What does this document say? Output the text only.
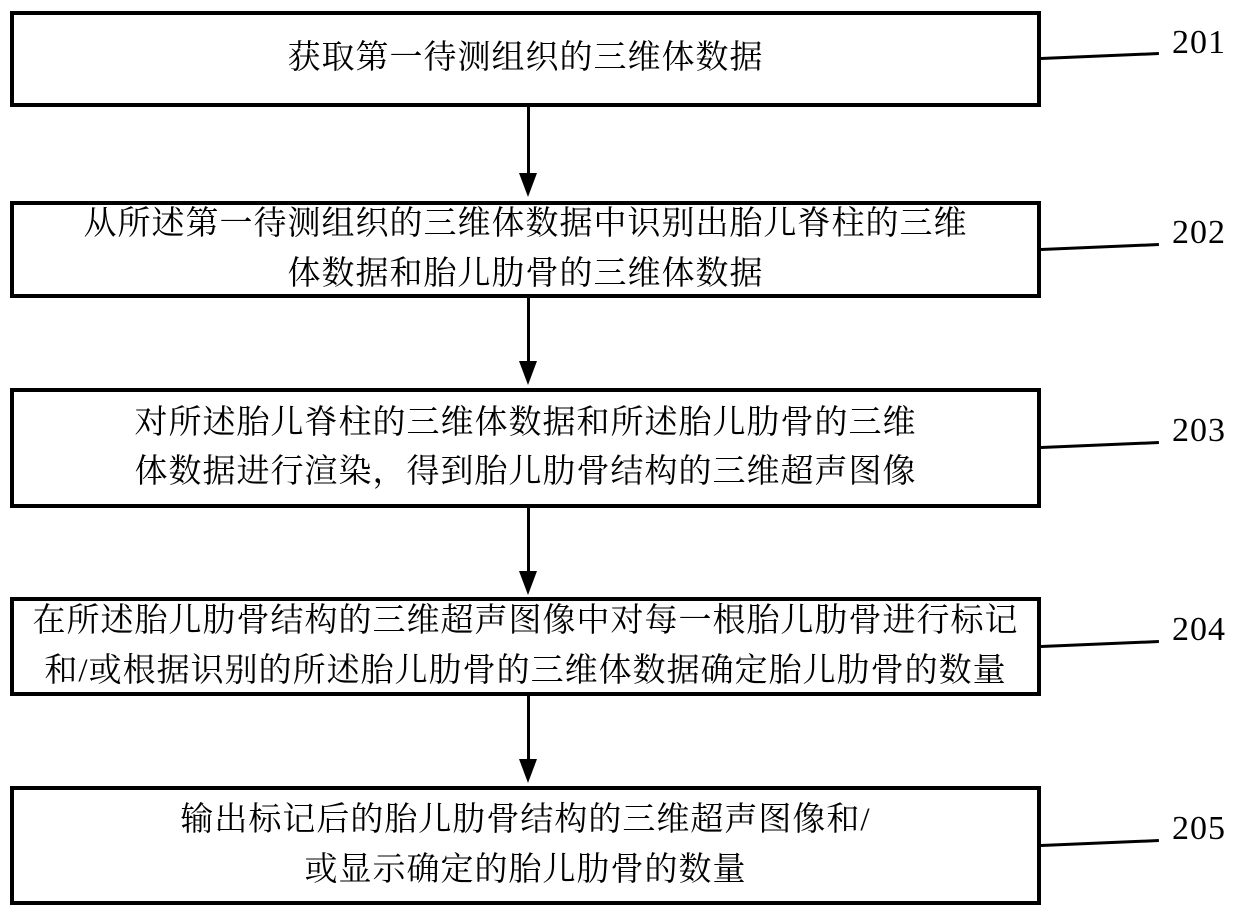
获取第一待测组织的三维体数据	201
从所述第一待测组织的三维体数据中识别出胎儿脊柱的三维
体数据和胎儿肋骨的三维体数据
202
对所述胎儿脊柱的三维体数据和所述胎儿肋骨的三维
体数据进行渲染，得到胎儿肋骨结构的三维超声图像
203
在所述胎儿肋骨结构的三维超声图像中对每一根胎儿肋骨进行标记
和/或根据识别的所述胎儿肋骨的三维体数据确定胎儿肋骨的数量
204
输出标记后的胎儿肋骨结构的三维超声图像和/
或显示确定的胎儿肋骨的数量
205
